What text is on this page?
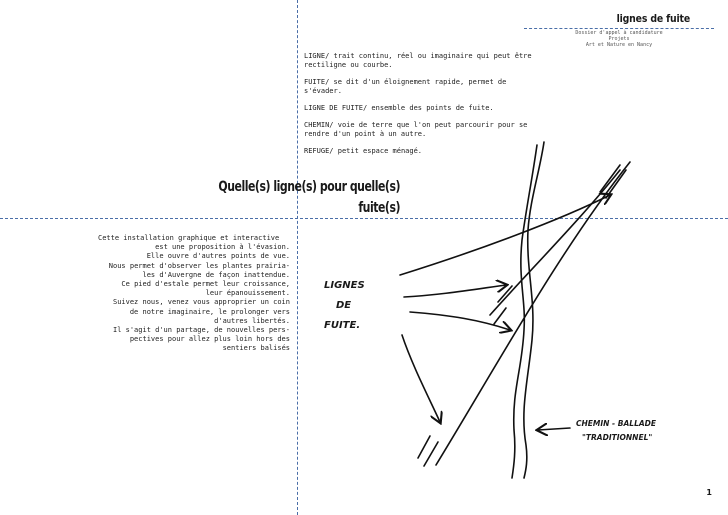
lignes de fuite
Dossier d'appel à candidature
Projets
Art et Nature en Nancy

LIGNE/ trait continu, réel ou imaginaire qui peut être rectiligne ou courbe.

FUITE/ se dit d'un éloignement rapide, permet de s'évader.

LIGNE DE FUITE/ ensemble des points de fuite.

CHEMIN/ voie de terre que l'on peut parcourir pour se rendre d'un point à un autre.

REFUGE/ petit espace ménagé.

Quelle(s) ligne(s) pour quelle(s)
fuite(s)
Cette installation graphique et interactive
est une proposition à l'évasion.
Elle ouvre d'autres points de vue.
Nous permet d'observer les plantes prairia-
les d'Auvergne de façon inattendue.
Ce pied d'estale permet leur croissance,
leur épanouissement.
Suivez nous, venez vous approprier un coin
de notre imaginaire, le prolonger vers
d'autres libertés.
Il s'agit d'un partage, de nouvelles pers-
pectives pour allez plus loin hors des
sentiers balisés
LIGNES
DE
FUITE.
CHEMIN - BALLADE
"TRADITIONNEL"
1
